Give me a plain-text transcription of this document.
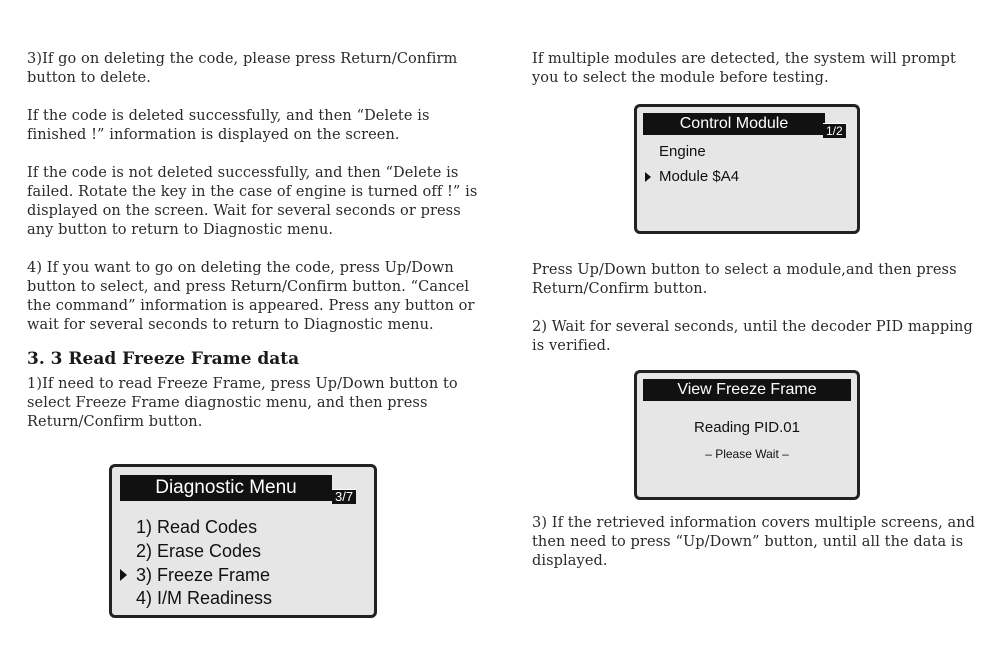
3)If go on deleting the code, please press Return/Confirm button to delete.

If the code is deleted successfully, and then “Delete is finished !” information is displayed on the screen.

If the code is not deleted successfully, and then “Delete is failed. Rotate the key in the case of engine is turned off !” is displayed on the screen. Wait for several seconds or press any button to return to Diagnostic menu.

4) If you want to go on deleting the code, press Up/Down button to select, and press Return/Confirm button. “Cancel the command” information is appeared. Press any button or wait for several seconds to return to Diagnostic menu.

3. 3 Read Freeze Frame data

1)If need to read Freeze Frame, press Up/Down button to select Freeze Frame diagnostic menu, and then press Return/Confirm button.

Diagnostic Menu	3/7
1) Read Codes
2) Erase Codes
3) Freeze Frame
4) I/M Readiness

If multiple modules are detected, the system will prompt you to select the module before testing.

Control Module	1/2
Engine
Module $A4

Press Up/Down button to select a module,and then press Return/Confirm button.

2) Wait for several seconds, until the decoder PID mapping is verified.

View Freeze Frame
Reading PID.01
– Please Wait –

3) If the retrieved information covers multiple screens, and then need to press “Up/Down” button, until all the data is displayed.
